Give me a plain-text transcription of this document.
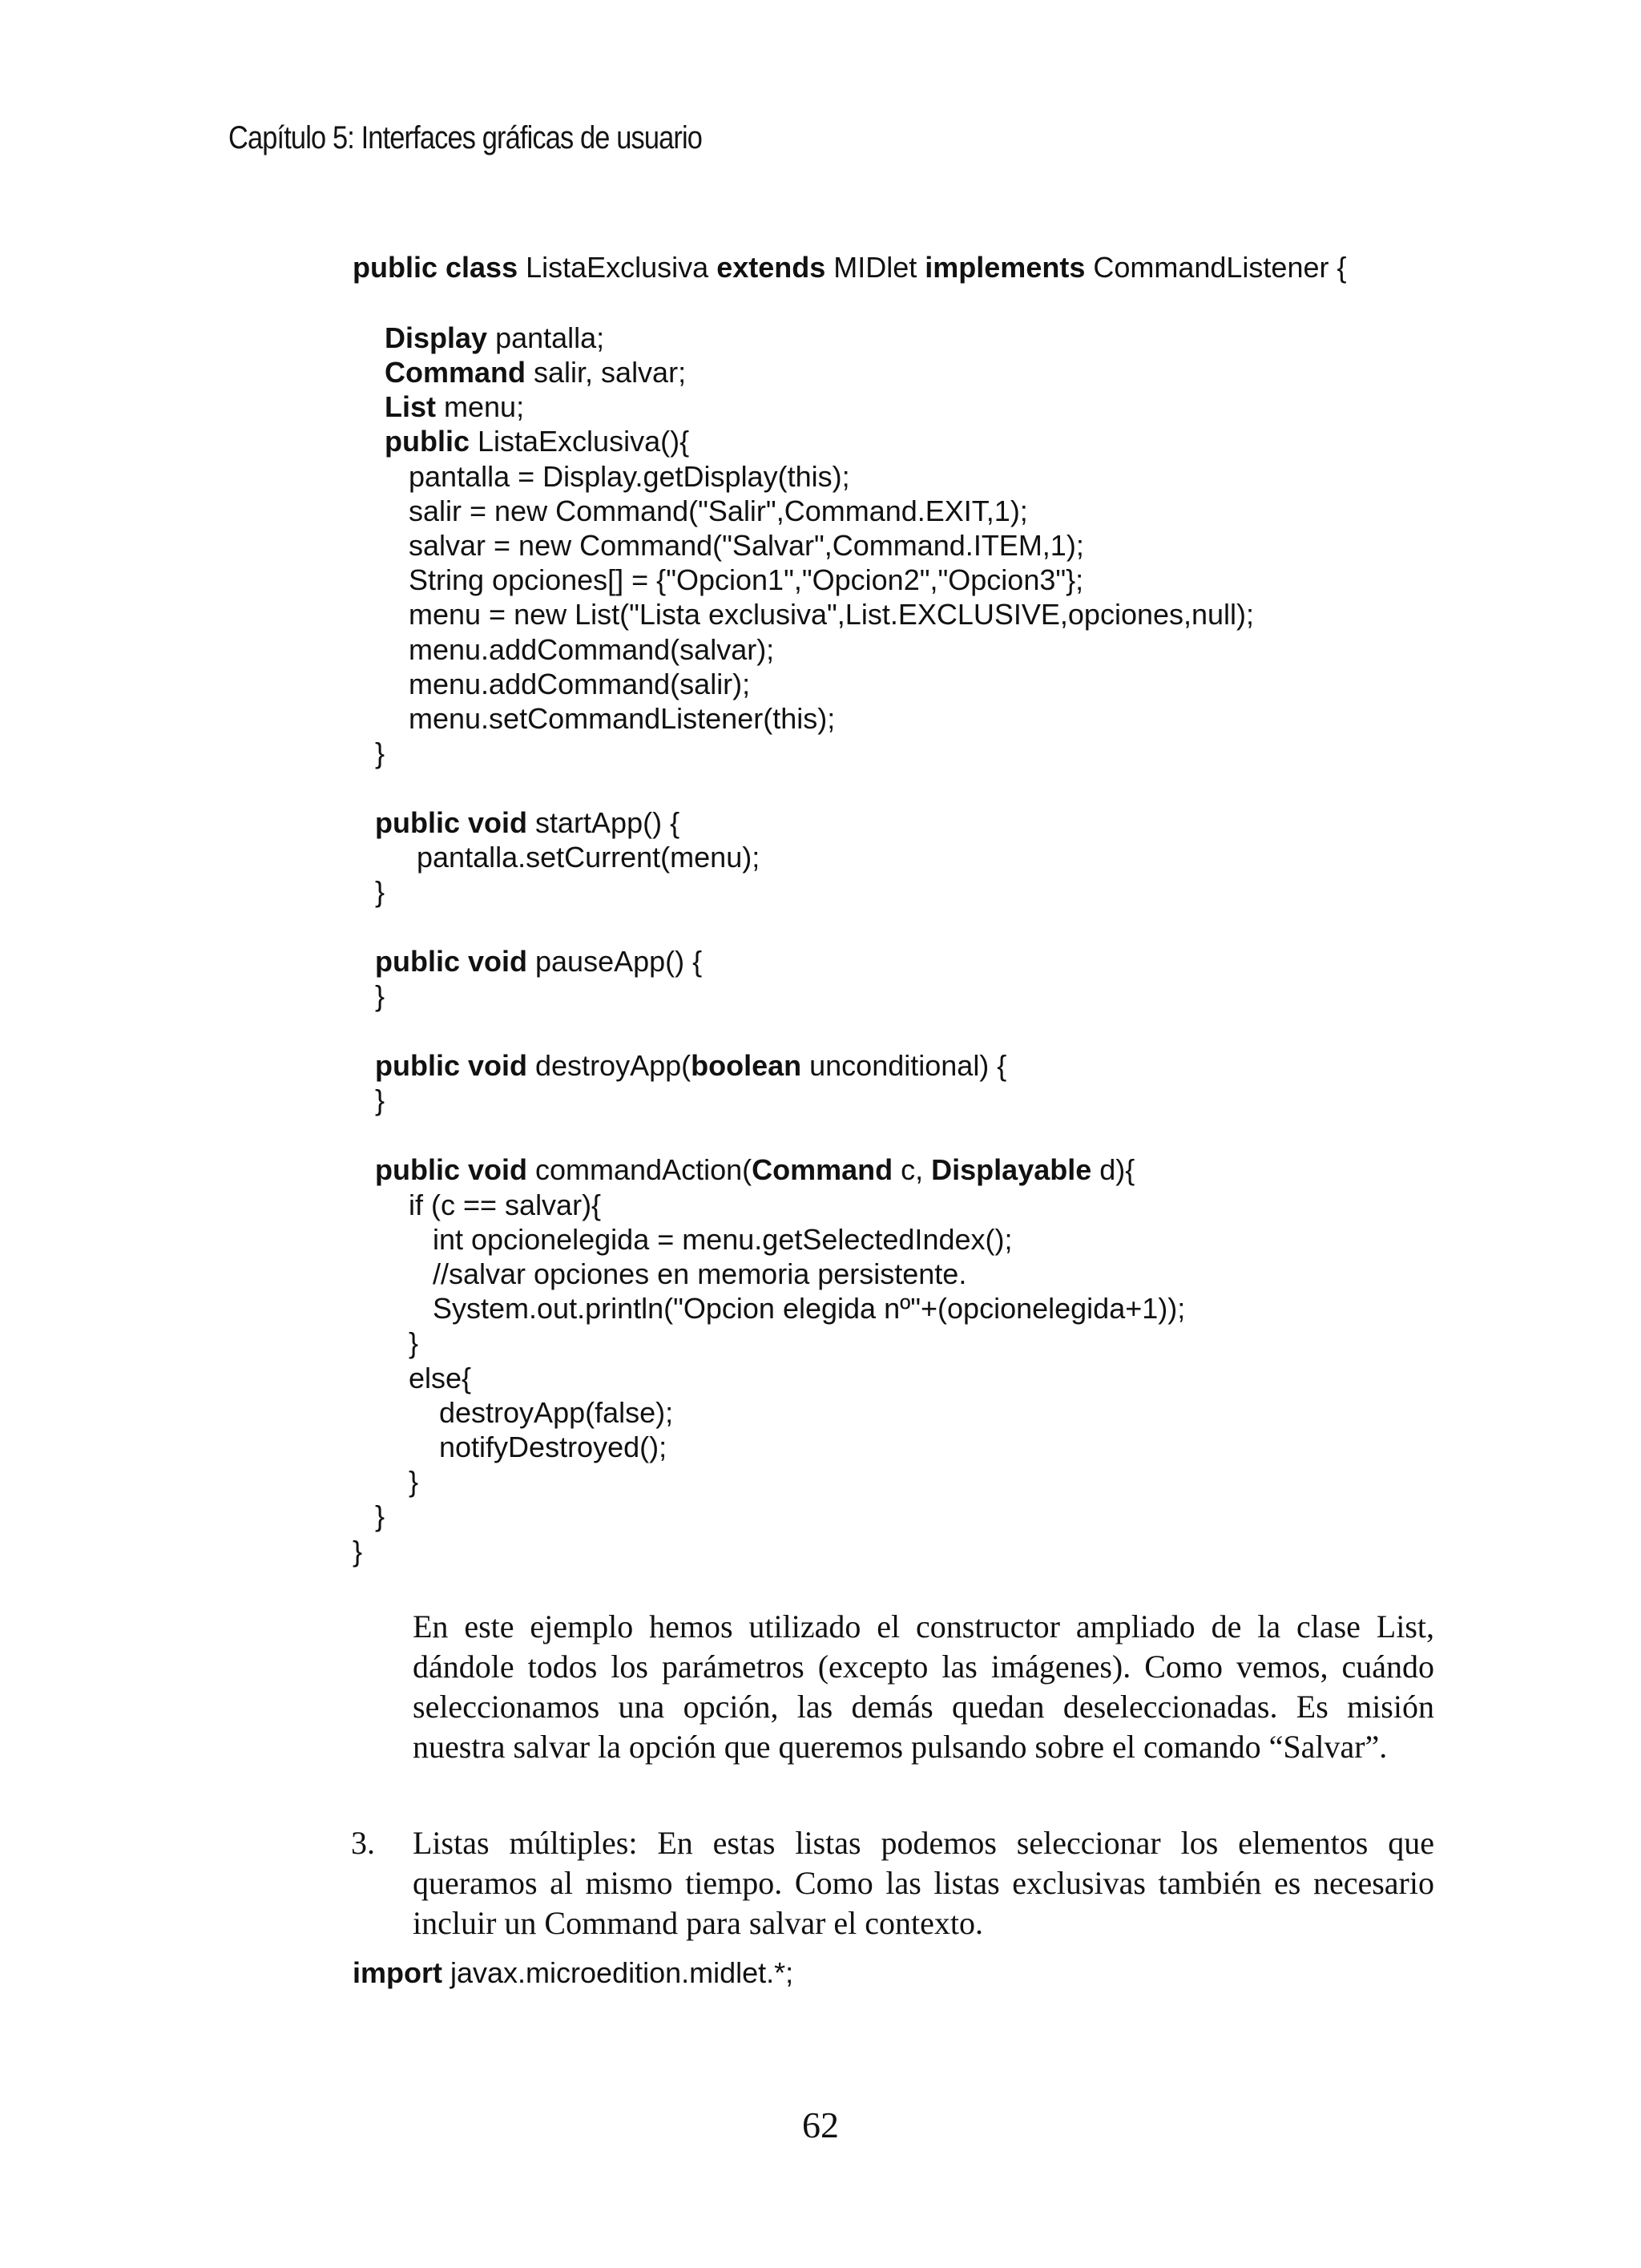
Capítulo 5: Interfaces gráficas de usuario
public class ListaExclusiva extends MIDlet implements CommandListener {
Display pantalla;
Command salir, salvar;
List menu;
public ListaExclusiva(){
pantalla = Display.getDisplay(this);
salir = new Command("Salir",Command.EXIT,1);
salvar = new Command("Salvar",Command.ITEM,1);
String opciones[] = {"Opcion1","Opcion2","Opcion3"};
menu = new List("Lista exclusiva",List.EXCLUSIVE,opciones,null);
menu.addCommand(salvar);
menu.addCommand(salir);
menu.setCommandListener(this);
}
public void startApp() {
pantalla.setCurrent(menu);
}
public void pauseApp() {
}
public void destroyApp(boolean unconditional) {
}
public void commandAction(Command c, Displayable d){
if (c == salvar){
int opcionelegida = menu.getSelectedIndex();
//salvar opciones en memoria persistente.
System.out.println("Opcion elegida nº"+(opcionelegida+1));
}
else{
destroyApp(false);
notifyDestroyed();
}
}
}

En este ejemplo hemos utilizado el constructor ampliado de la clase List, dándole todos los parámetros (excepto las imágenes). Como vemos, cuándo seleccionamos una opción, las demás quedan deseleccionadas. Es misión nuestra salvar la opción que queremos pulsando sobre el comando “Salvar”.

3. Listas múltiples: En estas listas podemos seleccionar los elementos que queramos al mismo tiempo. Como las listas exclusivas también es necesario incluir un Command para salvar el contexto.

import javax.microedition.midlet.*;
62
